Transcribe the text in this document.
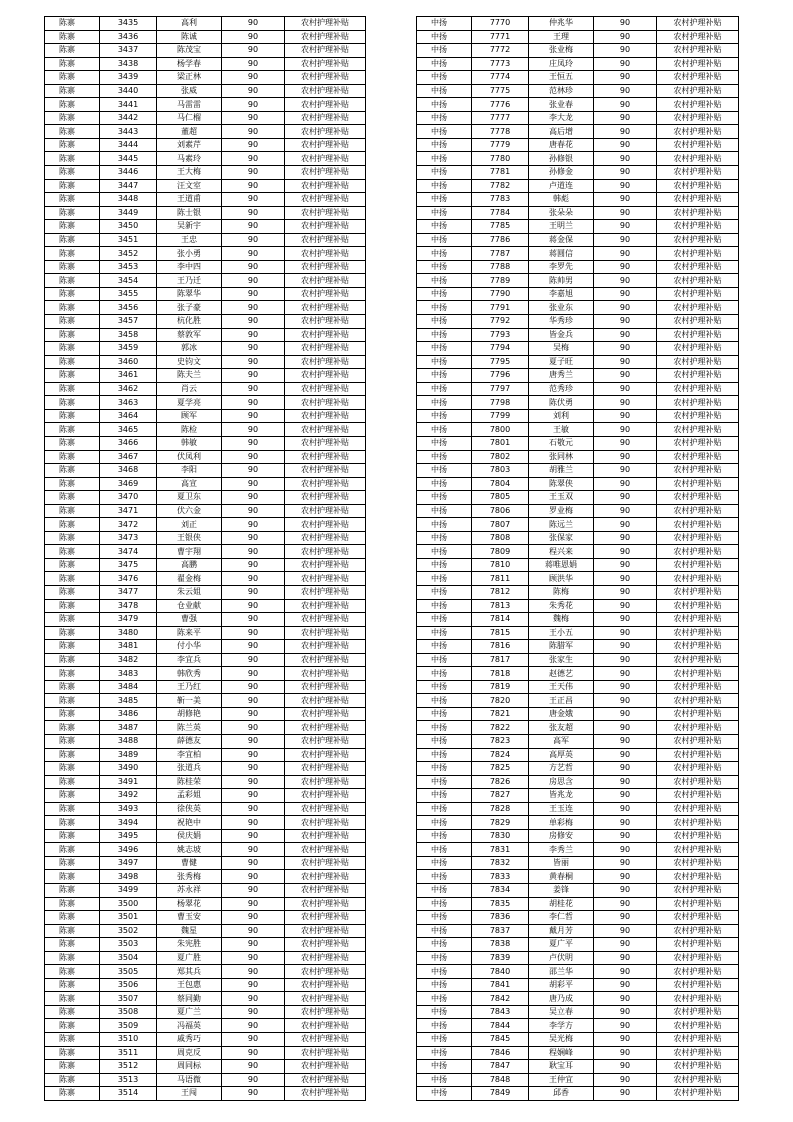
陈寨	3435	高利	90	农村护理补贴
陈寨	3436	陈诚	90	农村护理补贴
陈寨	3437	陈茂宝	90	农村护理补贴
陈寨	3438	杨学春	90	农村护理补贴
陈寨	3439	梁正林	90	农村护理补贴
陈寨	3440	张威	90	农村护理补贴
陈寨	3441	马雷雷	90	农村护理补贴
陈寨	3442	马仁榴	90	农村护理补贴
陈寨	3443	董超	90	农村护理补贴
陈寨	3444	刘素芹	90	农村护理补贴
陈寨	3445	马素玲	90	农村护理补贴
陈寨	3446	王大梅	90	农村护理补贴
陈寨	3447	汪文室	90	农村护理补贴
陈寨	3448	王道甫	90	农村护理补贴
陈寨	3449	陈士银	90	农村护理补贴
陈寨	3450	吴新宇	90	农村护理补贴
陈寨	3451	王忠	90	农村护理补贴
陈寨	3452	张小勇	90	农村护理补贴
陈寨	3453	李中四	90	农村护理补贴
陈寨	3454	王乃迁	90	农村护理补贴
陈寨	3455	陈翠华	90	农村护理补贴
陈寨	3456	张子豪	90	农村护理补贴
陈寨	3457	杭化胜	90	农村护理补贴
陈寨	3458	蔡敦军	90	农村护理补贴
陈寨	3459	郭冰	90	农村护理补贴
陈寨	3460	史钧文	90	农村护理补贴
陈寨	3461	陈夫兰	90	农村护理补贴
陈寨	3462	肖云	90	农村护理补贴
陈寨	3463	夏学亮	90	农村护理补贴
陈寨	3464	顾军	90	农村护理补贴
陈寨	3465	陈检	90	农村护理补贴
陈寨	3466	韩敏	90	农村护理补贴
陈寨	3467	伏凤利	90	农村护理补贴
陈寨	3468	李阳	90	农村护理补贴
陈寨	3469	高宣	90	农村护理补贴
陈寨	3470	夏卫东	90	农村护理补贴
陈寨	3471	伏六金	90	农村护理补贴
陈寨	3472	刘正	90	农村护理补贴
陈寨	3473	王银侠	90	农村护理补贴
陈寨	3474	曹宇翔	90	农村护理补贴
陈寨	3475	高鹏	90	农村护理补贴
陈寨	3476	翟金梅	90	农村护理补贴
陈寨	3477	朱云姐	90	农村护理补贴
陈寨	3478	仓业献	90	农村护理补贴
陈寨	3479	曹强	90	农村护理补贴
陈寨	3480	陈来平	90	农村护理补贴
陈寨	3481	付小华	90	农村护理补贴
陈寨	3482	李宜兵	90	农村护理补贴
陈寨	3483	韩欣秀	90	农村护理补贴
陈寨	3484	王乃红	90	农村护理补贴
陈寨	3485	靳一美	90	农村护理补贴
陈寨	3486	胡修艳	90	农村护理补贴
陈寨	3487	陈兰英	90	农村护理补贴
陈寨	3488	薛德友	90	农村护理补贴
陈寨	3489	李宜柏	90	农村护理补贴
陈寨	3490	张道兵	90	农村护理补贴
陈寨	3491	陈桂荣	90	农村护理补贴
陈寨	3492	孟彩姐	90	农村护理补贴
陈寨	3493	徐侠英	90	农村护理补贴
陈寨	3494	祝艳中	90	农村护理补贴
陈寨	3495	侯庆娟	90	农村护理补贴
陈寨	3496	姚志坡	90	农村护理补贴
陈寨	3497	曹健	90	农村护理补贴
陈寨	3498	张秀梅	90	农村护理补贴
陈寨	3499	苏永祥	90	农村护理补贴
陈寨	3500	杨翠花	90	农村护理补贴
陈寨	3501	曹玉安	90	农村护理补贴
陈寨	3502	魏星	90	农村护理补贴
陈寨	3503	朱宪胜	90	农村护理补贴
陈寨	3504	夏广胜	90	农村护理补贴
陈寨	3505	郑其兵	90	农村护理补贴
陈寨	3506	王包惠	90	农村护理补贴
陈寨	3507	蔡同勤	90	农村护理补贴
陈寨	3508	夏广兰	90	农村护理补贴
陈寨	3509	冯福英	90	农村护理补贴
陈寨	3510	戚秀巧	90	农村护理补贴
陈寨	3511	周克反	90	农村护理补贴
陈寨	3512	周同标	90	农村护理补贴
陈寨	3513	马语微	90	农村护理补贴
陈寨	3514	王闯	90	农村护理补贴
中扬	7770	仲兆华	90	农村护理补贴
中扬	7771	王理	90	农村护理补贴
中扬	7772	张业梅	90	农村护理补贴
中扬	7773	庄凤玲	90	农村护理补贴
中扬	7774	王恒五	90	农村护理补贴
中扬	7775	范林珍	90	农村护理补贴
中扬	7776	张业春	90	农村护理补贴
中扬	7777	李大龙	90	农村护理补贴
中扬	7778	高后增	90	农村护理补贴
中扬	7779	唐春花	90	农村护理补贴
中扬	7780	孙修银	90	农村护理补贴
中扬	7781	孙修金	90	农村护理补贴
中扬	7782	卢道连	90	农村护理补贴
中扬	7783	韩彪	90	农村护理补贴
中扬	7784	张朵朵	90	农村护理补贴
中扬	7785	王明兰	90	农村护理补贴
中扬	7786	蒋金保	90	农村护理补贴
中扬	7787	蒋圆信	90	农村护理补贴
中扬	7788	李罗先	90	农村护理补贴
中扬	7789	陈帅男	90	农村护理补贴
中扬	7790	李嘉旭	90	农村护理补贴
中扬	7791	张业东	90	农村护理补贴
中扬	7792	华秀珍	90	农村护理补贴
中扬	7793	皆金兵	90	农村护理补贴
中扬	7794	吴梅	90	农村护理补贴
中扬	7795	夏子旺	90	农村护理补贴
中扬	7796	唐秀兰	90	农村护理补贴
中扬	7797	范秀珍	90	农村护理补贴
中扬	7798	陈伏勇	90	农村护理补贴
中扬	7799	刘利	90	农村护理补贴
中扬	7800	王敏	90	农村护理补贴
中扬	7801	石敬元	90	农村护理补贴
中扬	7802	张同林	90	农村护理补贴
中扬	7803	胡雅兰	90	农村护理补贴
中扬	7804	陈翠侠	90	农村护理补贴
中扬	7805	王玉双	90	农村护理补贴
中扬	7806	罗业梅	90	农村护理补贴
中扬	7807	陈远兰	90	农村护理补贴
中扬	7808	张保家	90	农村护理补贴
中扬	7809	程兴来	90	农村护理补贴
中扬	7810	蒋唯恩娟	90	农村护理补贴
中扬	7811	顾洪华	90	农村护理补贴
中扬	7812	陈梅	90	农村护理补贴
中扬	7813	朱秀花	90	农村护理补贴
中扬	7814	魏梅	90	农村护理补贴
中扬	7815	王小五	90	农村护理补贴
中扬	7816	陈腊军	90	农村护理补贴
中扬	7817	张家生	90	农村护理补贴
中扬	7818	赵德艺	90	农村护理补贴
中扬	7819	王天伟	90	农村护理补贴
中扬	7820	王正昌	90	农村护理补贴
中扬	7821	唐金娥	90	农村护理补贴
中扬	7822	张友超	90	农村护理补贴
中扬	7823	高军	90	农村护理补贴
中扬	7824	高厚英	90	农村护理补贴
中扬	7825	方艺哲	90	农村护理补贴
中扬	7826	房思含	90	农村护理补贴
中扬	7827	皆兆龙	90	农村护理补贴
中扬	7828	王玉连	90	农村护理补贴
中扬	7829	单彩梅	90	农村护理补贴
中扬	7830	房修安	90	农村护理补贴
中扬	7831	李秀兰	90	农村护理补贴
中扬	7832	皆丽	90	农村护理补贴
中扬	7833	黄春桐	90	农村护理补贴
中扬	7834	姜锋	90	农村护理补贴
中扬	7835	胡桂花	90	农村护理补贴
中扬	7836	李仁哲	90	农村护理补贴
中扬	7837	戴月芳	90	农村护理补贴
中扬	7838	夏广平	90	农村护理补贴
中扬	7839	卢伏明	90	农村护理补贴
中扬	7840	邵兰华	90	农村护理补贴
中扬	7841	胡彩平	90	农村护理补贴
中扬	7842	唐乃成	90	农村护理补贴
中扬	7843	吴立春	90	农村护理补贴
中扬	7844	李学方	90	农村护理补贴
中扬	7845	吴光梅	90	农村护理补贴
中扬	7846	程娴峰	90	农村护理补贴
中扬	7847	耿宝耳	90	农村护理补贴
中扬	7848	王仲宜	90	农村护理补贴
中扬	7849	邱香	90	农村护理补贴
